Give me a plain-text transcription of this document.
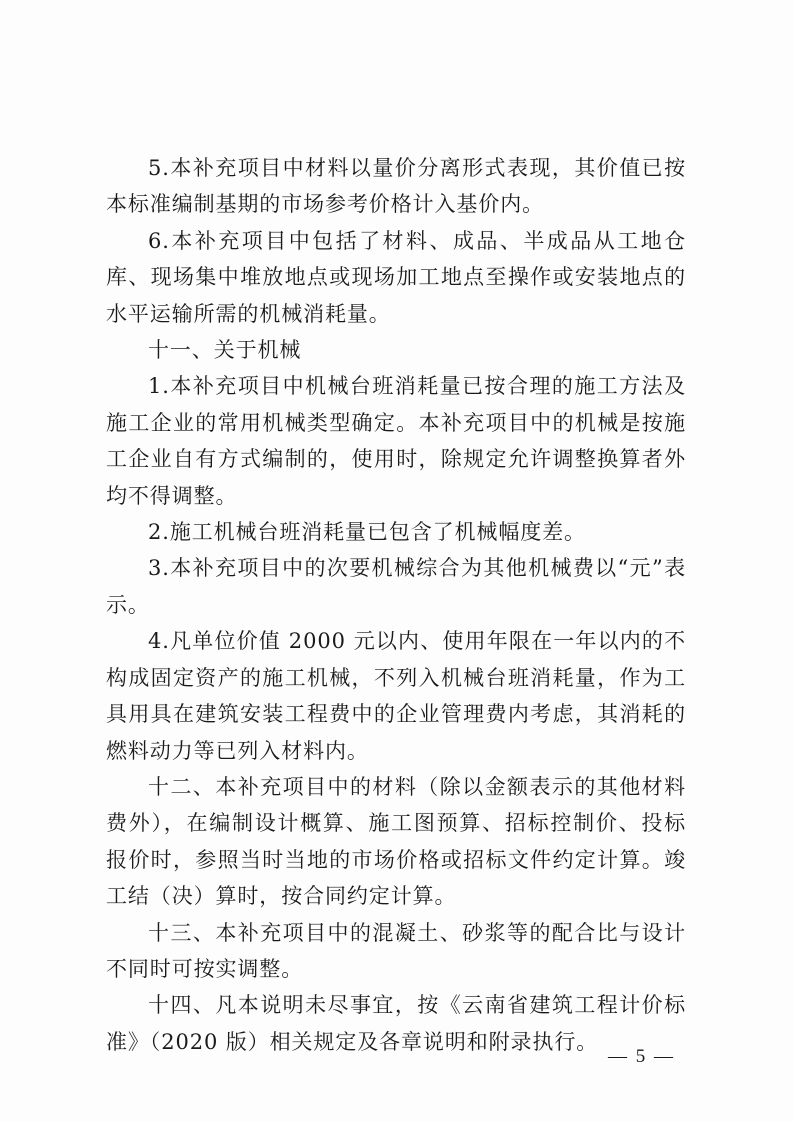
5.本补充项目中材料以量价分离形式表现，其价值已按本标准编制基期的市场参考价格计入基价内。

6.本补充项目中包括了材料、成品、半成品从工地仓库、现场集中堆放地点或现场加工地点至操作或安装地点的水平运输所需的机械消耗量。

十一、关于机械

1.本补充项目中机械台班消耗量已按合理的施工方法及施工企业的常用机械类型确定。本补充项目中的机械是按施工企业自有方式编制的，使用时，除规定允许调整换算者外均不得调整。

2.施工机械台班消耗量已包含了机械幅度差。

3.本补充项目中的次要机械综合为其他机械费以“元”表示。

4.凡单位价值 2000 元以内、使用年限在一年以内的不构成固定资产的施工机械，不列入机械台班消耗量，作为工具用具在建筑安装工程费中的企业管理费内考虑，其消耗的燃料动力等已列入材料内。

十二、本补充项目中的材料（除以金额表示的其他材料费外），在编制设计概算、施工图预算、招标控制价、投标报价时，参照当时当地的市场价格或招标文件约定计算。竣工结（决）算时，按合同约定计算。

十三、本补充项目中的混凝土、砂浆等的配合比与设计不同时可按实调整。

十四、凡本说明未尽事宜，按《云南省建筑工程计价标准》（2020 版）相关规定及各章说明和附录执行。

— 5 —
